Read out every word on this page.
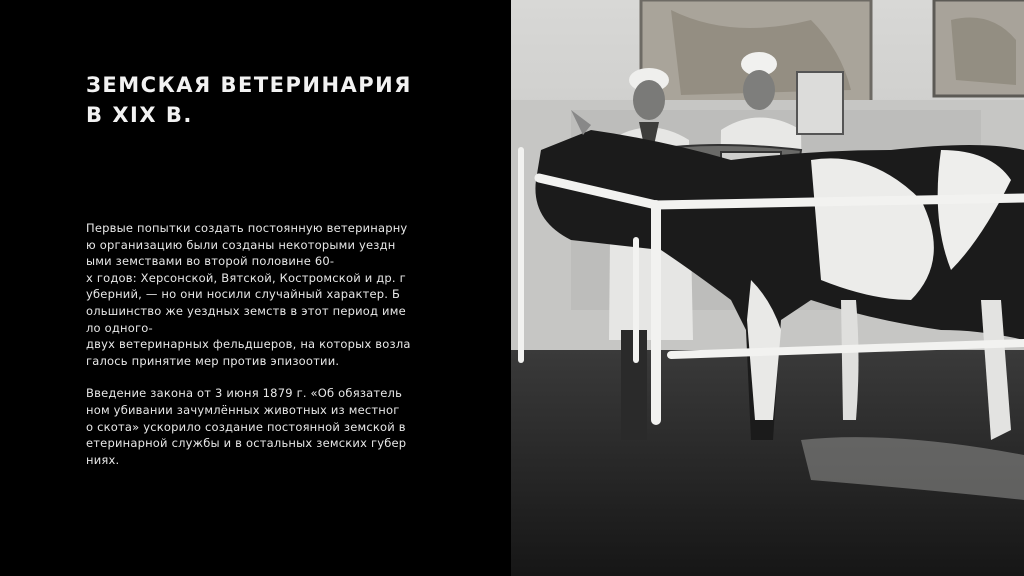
ЗЕМСКАЯ ВЕТЕРИНАРИЯ В XIX В.

Первые попытки создать постоянную ветеринарну
ю организацию были созданы некоторыми уездн
ыми земствами во второй половине 60-
х годов: Херсонской, Вятской, Костромской и др. г
уберний, — но они носили случайный характер. Б
ольшинство же уездных земств в этот период име
ло одного-
двух ветеринарных фельдшеров, на которых возла
галось принятие мер против эпизоотии.

Введение закона от 3 июня 1879 г. «Об обязатель
ном убивании зачумлённых животных из местног
о скота» ускорило создание постоянной земской в
етеринарной службы и в остальных земских губер
ниях.
